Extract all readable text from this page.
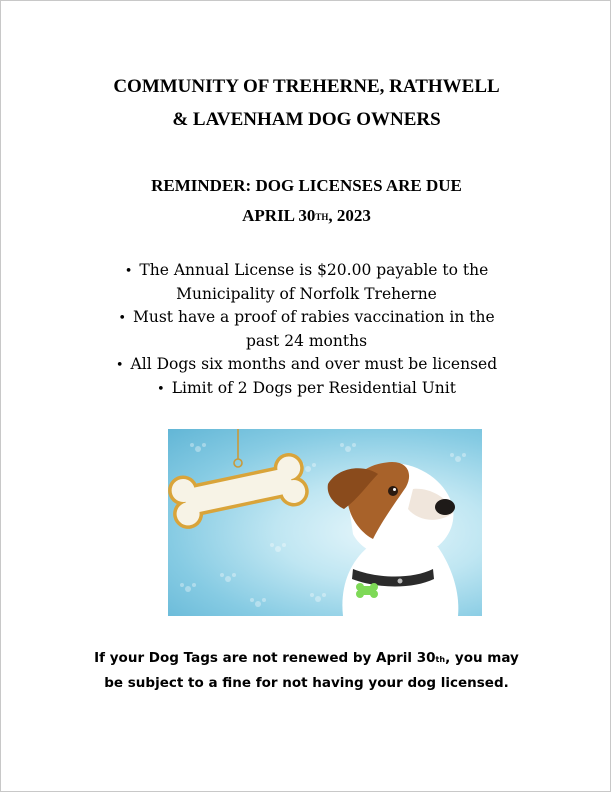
COMMUNITY OF TREHERNE, RATHWELL
& LAVENHAM DOG OWNERS
REMINDER: DOG LICENSES ARE DUE
APRIL 30TH, 2023

• The Annual License is $20.00 payable to the

Municipality of Norfolk Treherne

• Must have a proof of rabies vaccination in the

past 24 months

• All Dogs six months and over must be licensed

• Limit of 2 Dogs per Residential Unit

If your Dog Tags are not renewed by April 30th, you may
be subject to a fine for not having your dog licensed.
